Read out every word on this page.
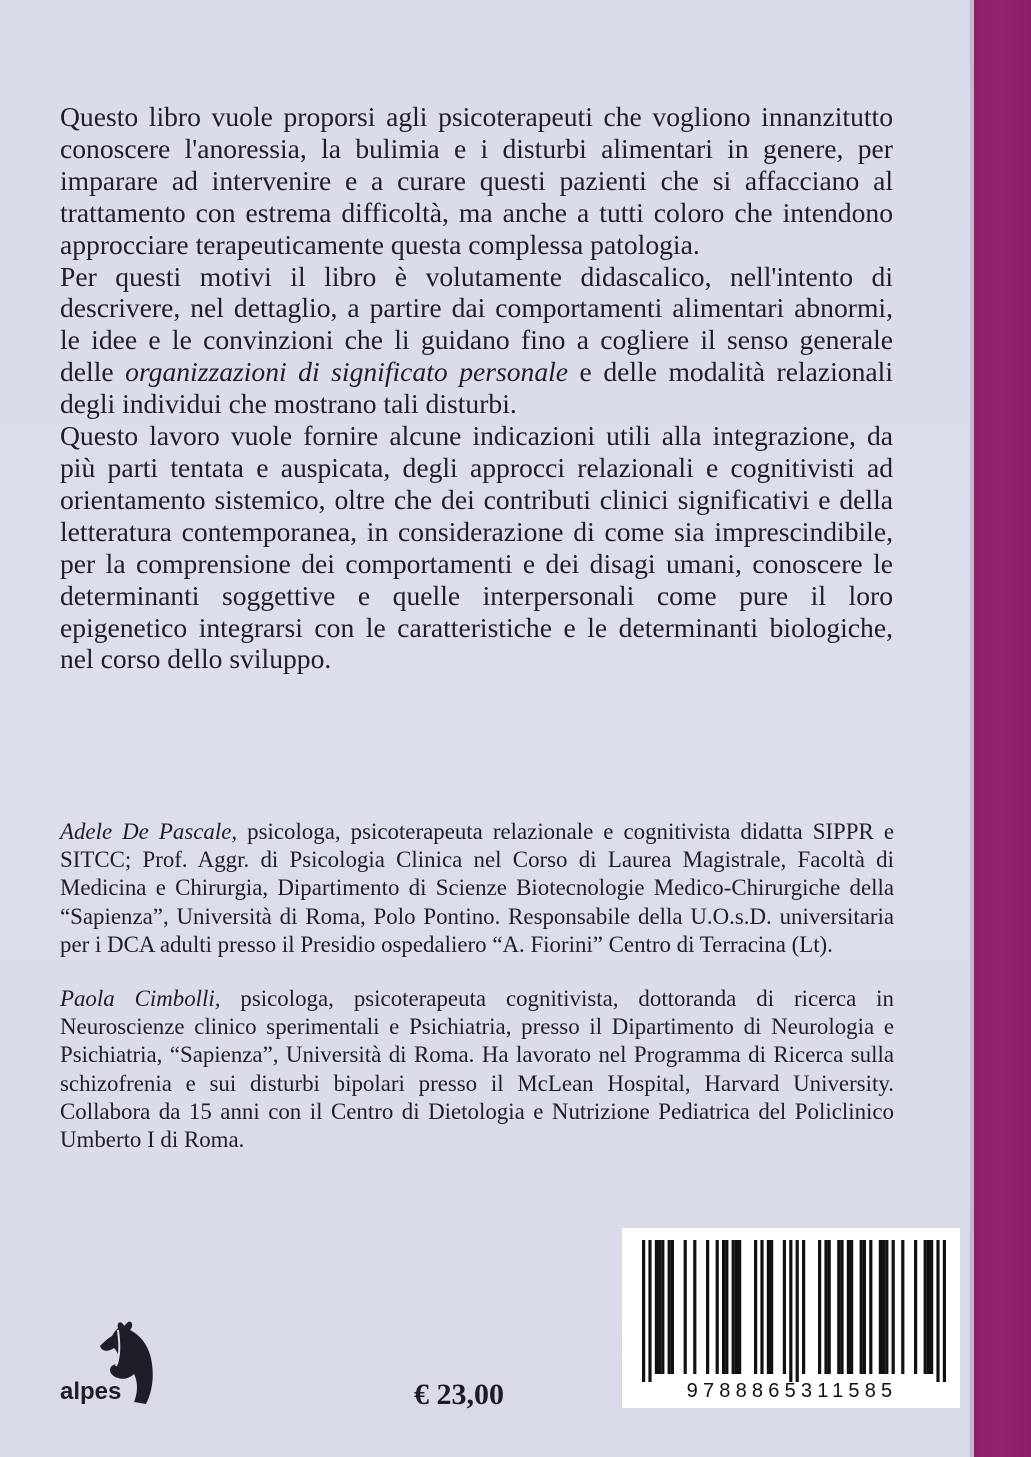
Questo libro vuole proporsi agli psicoterapeuti che vogliono innanzitutto conoscere l'anoressia, la bulimia e i disturbi alimentari in genere, per imparare ad intervenire e a curare questi pazienti che si affacciano al trattamento con estrema difficoltà, ma anche a tutti coloro che intendono approcciare terapeuticamente questa complessa patologia.

Per questi motivi il libro è volutamente didascalico, nell'intento di descrivere, nel dettaglio, a partire dai comportamenti alimentari abnormi, le idee e le convinzioni che li guidano fino a cogliere il senso generale delle organizzazioni di significato personale e delle modalità relazionali degli individui che mostrano tali disturbi.

Questo lavoro vuole fornire alcune indicazioni utili alla integrazione, da più parti tentata e auspicata, degli approcci relazionali e cognitivisti ad orientamento sistemico, oltre che dei contributi clinici significativi e della letteratura contemporanea, in considerazione di come sia imprescindibile, per la comprensione dei comportamenti e dei disagi umani, conoscere le determinanti soggettive e quelle interpersonali come pure il loro epigenetico integrarsi con le caratteristiche e le determinanti biologiche, nel corso dello sviluppo.

Adele De Pascale, psicologa, psicoterapeuta relazionale e cognitivista didatta SIPPR e SITCC; Prof. Aggr. di Psicologia Clinica nel Corso di Laurea Magistrale, Facoltà di Medicina e Chirurgia, Dipartimento di Scienze Biotecnologie Medico-Chirurgiche della “Sapienza”, Università di Roma, Polo Pontino. Responsabile della U.O.s.D. universitaria per i DCA adulti presso il Presidio ospedaliero “A. Fiorini” Centro di Terracina (Lt).

Paola Cimbolli, psicologa, psicoterapeuta cognitivista, dottoranda di ricerca in Neuroscienze clinico sperimentali e Psichiatria, presso il Dipartimento di Neurologia e Psichiatria, “Sapienza”, Università di Roma. Ha lavorato nel Programma di Ricerca sulla schizofrenia e sui disturbi bipolari presso il McLean Hospital, Harvard University. Collabora da 15 anni con il Centro di Dietologia e Nutrizione Pediatrica del Policlinico Umberto I di Roma.

alpes	€ 23,00	9788865311585
